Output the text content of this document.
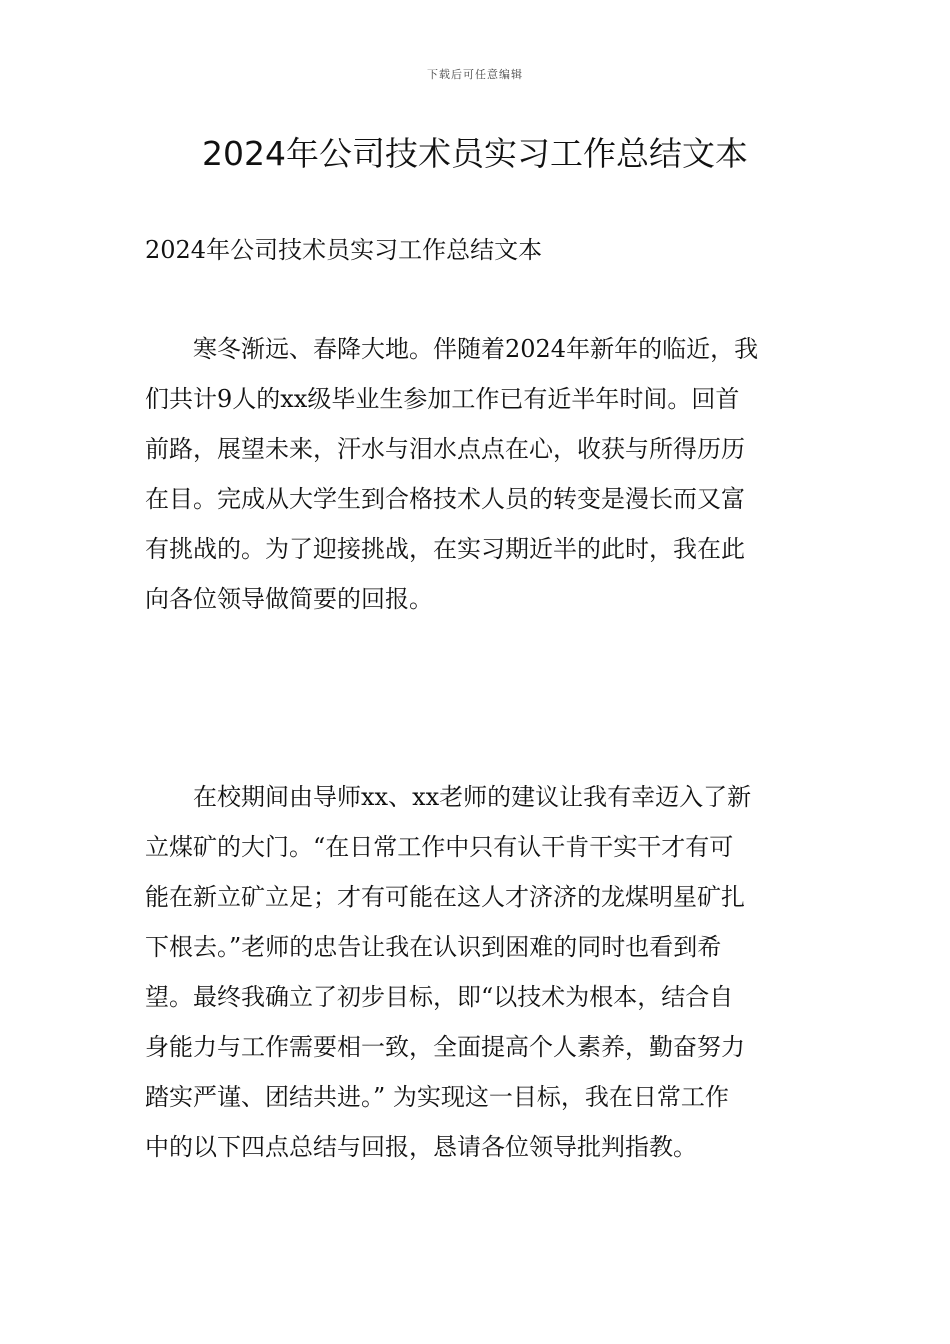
下载后可任意编辑
2024年公司技术员实习工作总结文本
2024年公司技术员实习工作总结文本
　　寒冬渐远、春降大地。伴随着2024年新年的临近，我
们共计9人的xx级毕业生参加工作已有近半年时间。回首
前路，展望未来，汗水与泪水点点在心，收获与所得历历
在目。完成从大学生到合格技术人员的转变是漫长而又富
有挑战的。为了迎接挑战，在实习期近半的此时，我在此
向各位领导做简要的回报。
　　在校期间由导师xx、xx老师的建议让我有幸迈入了新
立煤矿的大门。“在日常工作中只有认干肯干实干才有可
能在新立矿立足；才有可能在这人才济济的龙煤明星矿扎
下根去。”老师的忠告让我在认识到困难的同时也看到希
望。最终我确立了初步目标，即“以技术为根本，结合自
身能力与工作需要相一致，全面提高个人素养，勤奋努力
踏实严谨、团结共进。” 为实现这一目标，我在日常工作
中的以下四点总结与回报，恳请各位领导批判指教。
